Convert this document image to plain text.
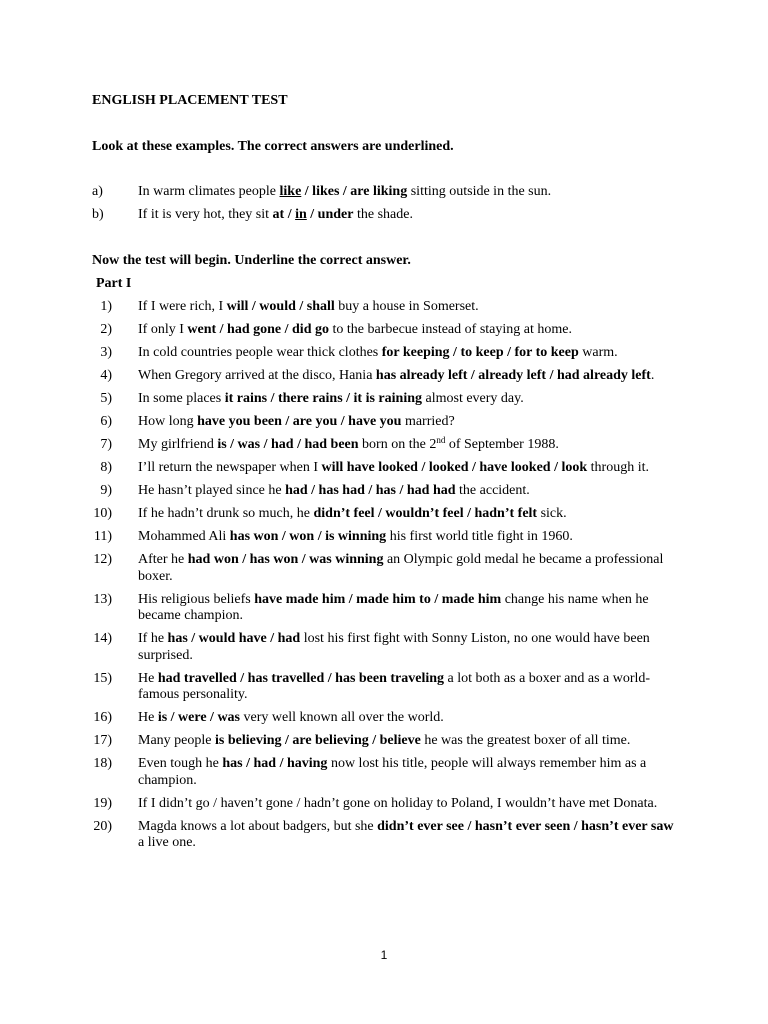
ENGLISH PLACEMENT TEST
Look at these examples. The correct answers are underlined.
a)	In warm climates people like / likes / are liking sitting outside in the sun.
b) If it is very hot, they sit at / in / under the shade.
Now the test will begin. Underline the correct answer.
Part I
1) If I were rich, I will / would / shall buy a house in Somerset.
2) If only I went / had gone / did go to the barbecue instead of staying at home.
3) In cold countries people wear thick clothes for keeping / to keep / for to keep warm.
4) When Gregory arrived at the disco, Hania has already left / already left / had already left.
5) In some places it rains / there rains / it is raining almost every day.
6) How long have you been / are you / have you married?
7) My girlfriend is / was / had / had been born on the 2nd of September 1988.
8) I’ll return the newspaper when I will have looked / looked / have looked / look through it.
9) He hasn’t played since he had / has had / has / had had the accident.
10) If he hadn’t drunk so much, he didn’t feel / wouldn’t feel / hadn’t felt sick.
11) Mohammed Ali has won / won / is winning his first world title fight in 1960.
12) After he had won / has won / was winning an Olympic gold medal he became a professional boxer.
13) His religious beliefs have made him / made him to / made him change his name when he became champion.
14) If he has / would have / had lost his first fight with Sonny Liston, no one would have been surprised.
15) He had travelled / has travelled / has been traveling a lot both as a boxer and as a world-famous personality.
16) He is / were / was very well known all over the world.
17) Many people is believing / are believing / believe he was the greatest boxer of all time.
18) Even tough he has / had / having now lost his title, people will always remember him as a champion.
19) If I didn’t go / haven’t gone / hadn’t gone on holiday to Poland, I wouldn’t have met Donata.
20) Magda knows a lot about badgers, but she didn’t ever see / hasn’t ever seen / hasn’t ever saw a live one.
1
